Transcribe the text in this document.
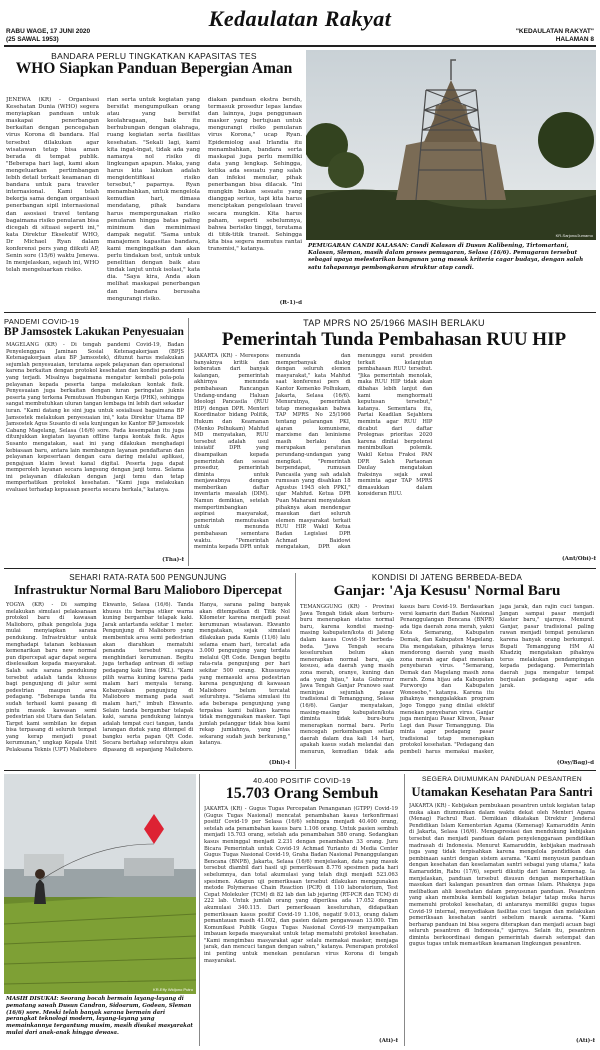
Kedaulatan Rakyat
RABU WAGE, 17 JUNI 2020
(25 SAWAL 1953)
"KEDAULATAN RAKYAT"
HALAMAN 8
BANDARA PERLU TINGKATKAN KAPASITAS TES
WHO Siapkan Panduan Bepergian Aman
JENEWA (KR) - Organisasi Kesehatan Dunia (WHO) segera menyiapkan panduan untuk maskapai penerbangan berkaitan dengan pencegahan virus Korona di bandara. Hal tersebut dilakukan agar wisatawan tetap bisa aman berada di tempat publik. "Beberapa hari lagi, kami akan mengeluarkan pertimbangan lebih detail terkait keamanan di bandara untuk para traveler internasional. Kami telah bekerja sama dengan organisasi penerbangan sipil internasional dan asosiasi travel tentang bagaimana risiko penularan bisa dicegah di situasi seperti ini," kata Direktur Eksekutif WHO, Dr Michael Ryan dalam konferensi pers yang diikuti AP, Senin sore (15/6) waktu Jenewa. In menjelaskan, sejauh ini, WHO telah mengeluarkan risiko.
rian serta untuk kegiatan yang bersifat mengumpulkan orang atau yang bersifat keolahragaan, baik itu berhubungan dengan olahraga, ruang kegiatan serta fasilitas kesehatan. "Sekali lagi, kami kita ingat-ingat, tidak ada yang namanya nol risiko di lingkungan apapun. Maka, yang harus kita lakukan adalah mengidentifikasi risiko tersebut," paparnya. Ryan menambahkan, untuk mengelola kemudian hari, dimasa mendatang, pihak bandara harus mempergunakan risiko penularan hingga batas paling minimum dan meminimasi dampak negatif. "Sama untuk manajemen kapasitas bandara, kami mengingatkan dan akan perlu tindakan test, untuk untuk penelitian dengan baik atau tindak lanjut untuk isolasi," kata dia. "Saya kira, Anda akan melihat maskapai penerbangan dan bandara berusaha mengurangi risiko.
diakan panduan ekstra bersih, termasuk prosedur lepas landas dan lainnya, juga penggunaan masker yang bertujuan untuk mengurangi risiko penularan virus Korona," ucap Ryan. Epidemiolog asal Irlandia itu menambahkan, bandara serta maskapai juga perlu memiliki data yang lengkap. Sehingga, ketika ada sesuatu yang salah dan infeksi menular, pihak penerbangan bisa dilacak. "Ini mungkin bukan sesuatu yang dianggap serius, tapi kita harus menciptakan pengelolaan travel secara mungkin. Kita harus paham, seperti sebelumnya, bahwa berisiko tinggi, terutama di titik-titik transit. Sehingga kita bisa segera memutus rantai transmisi," katanya.
(R-1)-d
KR-Sarjono/Jumarno
PEMUGARAN CANDI KALASAN: Candi Kalasan di Dusun Kalibening, Tirtomartani, Kalasan, Sleman, masih dalam proses pemugaran, Selasa (16/6). Pemugaran tersebut sebagai upaya melestarikan bangunan yang masuk kriteria cagar budaya, dengan salah satu tahapannya pembongkaran struktur atap candi.
PANDEMI COVID-19
BP Jamsostek Lakukan Penyesuaian
MAGELANG (KR) - Di tengah pandemi Covid-19, Badan Penyelenggara Jaminan Sosial Ketenagakerjaan (BPJS Ketenagakerjaan atau BP Jamsostek), ditunut harus melakukan sejumlah penyesuaian, terutama aspek pelayanan dan operasional karena berkaitan dengan protokol kesehatan dan kondisi pandemi yang terjadi. Misalnya bagaimana mengatur kembali pola-pola pelayanan kepada peserta tanpa melakukan kontak fisik. Penyesuaian juga berkaitan dengan iuran peringatan juknis peserta yang terkena Pemutusan Hubungan Kerja (PHK), sehingga sangat membutuhkan uluran tangan lembaga ini lebih dari sekadar iuran. "Kami datang ke sini juga untuk sosialisasi bagaimana BP Jamsostek melakukan penyesuaian ini," kata Direktur Utama BP Jamsostek Agus Susanto di sela kunjungan ke Kantor BP Jamsostek Cabang Magelang, Selasa (16/6) sore. Pada kesempatan itu juga ditunjukkan kegiatan layanan offline tanpa kontak fisik. Agus Susanto mengatakan, saat ini yang dilakukan menghadapi kebiasaan baru, antara lain membangun layanan pendaftaran dan pelayanan kepesertaan dengan cara daring melalui aplikasi, pengajuan klaim lewat kanal digital. Peserta juga dapat memperoleh layanan secara langsung dengan janji temu. Selama ini pelayanan dilakukan dengan janji temu dan tetap memperhatikan protokol kesehatan. "Kami juga melakukan evaluasi terhadap kepuasan peserta secara berkala," katanya.
(Tha)-f
TAP MPRS NO 25/1966 MASIH BERLAKU
Pemerintah Tunda Pembahasan RUU HIP
JAKARTA (KR) - Merespons banyaknya kritik dan keberatan dari banyak kalangan, pemerintah akhirnya menunda pembahasan Rancangan Undang-undang Haluan Ideologi Pancasila (RUU HIP) dengan DPR. Menteri Koordinator bidang Politik, Hukum dan Keamanan (Menko Polhukam) Mahfud MD menyatakan, RUU tersebut adalah usul inisiatif DPR yang disampaikan kepada pemerintah dan sesuai prosedur, pemerintah diminta untuk menjawabnya dengan memberikan daftar inventaris masalah (DIM). Namun demikian, setelah mempertimbangkan aspirasi masyarakat, pemerintah memutuskan untuk menunda pembahasan sementara waktu. "Pemerintah meminta kepada DPR untuk menunda dan memperbanyak dialog dengan seluruh elemen masyarakat," kata Mahfud saat konferensi pers di Kantor Kemenko Polhukam, Jakarta, Selasa (16/6). Menurutnya, pemerintah tetap menegaskan bahwa TAP MPRS No 25/1966 tentang pelarangan PKI, ajaran komunisme, marxisme dan leninisme masih berlaku dan merupakan peraturan perundang-undangan yang mengikat. "Pemerintah berpendapat, rumusan Pancasila yang sah adalah rumusan yang disahkan 18 Agustus 1945 oleh PPKI," ujar Mahfud. Ketua DPR Puan Maharani menyatakan pihaknya akan mendengar masukan dari seluruh elemen masyarakat terkait RUU HIP. Wakil Ketua Badan Legislasi DPR Achmad Baidowi mengatakan, DPR akan menunggu surat presiden terkait kelanjutan pembahasan RUU tersebut. "Jika pemerintah menolak, maka RUU HIP tidak akan dibahas lebih lanjut dan kami menghormati keputusan tersebut," katanya. Sementara itu, Partai Keadilan Sejahtera meminta agar RUU HIP dicabut dari daftar Prolegnas prioritas 2020 karena dinilai berpotensi menimbulkan polemik. Wakil Ketua Fraksi PAN DPR Saleh Partaonan Daulay mengatakan fraksinya sejak awal meminta agar TAP MPRS dimasukkan dalam konsideran RUU.
(Ant/Obi)-f
SEHARI RATA-RATA 500 PENGUNJUNG
Infrastruktur Normal Baru Malioboro Dipercepat
YOGYA (KR) - Di samping melakukan simulasi pelaksanaan protokol baru di kawasan Malioboro, pihak pengelola juga mulai menyiapkan sarana pendukung. Infrastruktur untuk menghadapi tatanan kebiasaan kemenarikan baru new normal pun dipercepat agar dapat segera diselesaikan kepada masyarakat. Salah satu sarana pendukung tersebut adalah tanda khusus bagi pengunjung di jalur semi pedestrian maupun area pedagang. "Beberapa tanda itu sudah terhasil kami pasang di pintu masuk kawasan semi pedestrian sisi Utara dan Selatan. Target kami sembilan ke depan bisa terpasang di seluruh tempat yang kerap menjadi pusat kerumunan," ungkap Kepala Unit Pelaksana Teknis (UPT) Malioboro Ekwanto, Selasa (16/6). Tanda khusus itu berupa stiker warna kuning bergambar telapak kaki. Jarak antartanda sekitar 1 meter. Pengunjung di Malioboro yang membentuk area semi pedestrian akan diarahkan mematuhi penanda tersebut supaya menghindari kerumunan. Begitu juga terhadap antrean di setiap pedagang kaki lima (PKL). "Kami pilih warna kuning karena pada malam hari menyala terang. Kebanyakan pengunjung di Malioboro memang pada saat malam hari," imbuh Ekwanto. Selain tanda bergambar telapak kaki, sarana pendukung lainnya adalah tempat cuci tangan, tanda larangan duduk yang ditempel di bangku serta papan QR Code. Secara bertahap seluruhnya akan dipasang di sepanjang Malioboro. Hanya, sarana paling banyak akan ditempatkan di Titik Nol Kilometer karena menjadi pusat kerumunan wisatawan. Ekwanto mengatakan, sejak simulasi dilakukan pada Kamis (11/6) lalu selama enam hari, tercatat ada 3.000 pengunjung yang terdata melalui QR Code. Dengan begitu rata-rata pengunjung per hari sekitar 500 orang. Khususnya yang memasuki area pedestrian karena pengunjung di kawasan Malioboro belum tercatat seluruhnya. "Selama simulasi itu ada beberapa pengunjung yang terpaksa kami balikan karena tidak menggunakan masker. Tapi jumlah pelanggar tidak bisa kami rekap jumlahnya, yang jelas sekarang sudah jauh berkurang," katanya.
(Dhl)-f
KONDISI DI JATENG BERBEDA-BEDA
Ganjar: 'Aja Kesusu' Normal Baru
TEMANGGUNG (KR) - Provinsi Jawa Tengah tidak akan terburu-buru menerapkan status normal baru, karena kondisi masing-masing kabupaten/kota di Jateng dalam kasus Covid-19 berbeda-beda. "Jawa Tengah secara keseluruhan belum akan menerapkan normal baru, aja kesusu, ada daerah yang masih zona merah, oranye, kuning dan ada yang hijau," kata Gubernur Jawa Tengah Ganjar Pranowo saat meninjau sejumlah pasar tradisional di Temanggung, Selasa (16/6). Ganjar menyatakan, masing-masing kabupaten/kota diminta tidak buru-buru menerapkan normal baru. Perlu mencegah perkembangan setiap daerah dalam dua kali 14 hari, apakah kasus sudah melandai dan menurun, kemudian tidak ada kasus baru Covid-19. Berdasarkan versi kamarin dari Badan Nasional Penanggulangan Bencana (BNPB) ada tiga daerah zona merah, yakni Kota Semarang, Kabupaten Demak, dan Kabupaten Magelang. Dia mengatakan, pihaknya terus mendorong daerah yang masih zona merah agar dapat menekan penyebaran virus. "Semarang, Demak dan Magelang masih zona merah. Zona hijau ada Kabupaten Purworejo dan Kabupaten Wonosobo," katanya. Karena itu pihaknya menggalakkan program Jogo Tonggo yang dinilai efektif menekan penyebaran virus. Ganjar juga meninjau Pasar Kliwon, Pasar Legi dan Pasar Temanggung. Dia minta agar pedagang pasar tradisional tetap menerapkan protokol kesehatan. "Pedagang dan pembeli harus memakai masker, jaga jarak, dan rajin cuci tangan. Jangan sampai pasar menjadi klaster baru," ujarnya. Menurut Ganjar, pasar tradisional paling rawan menjadi tempat penularan karena banyak orang berkumpul. Bupati Temanggung HM Al Khadziq mengatakan pihaknya terus melakukan pendampingan kepada pedagang. Pemerintah daerah juga mengatur tempat berjualan pedagang agar ada jarak.
(Osy/Bag)-d
KR-Effy Widjono Putro
MASIH DISUKAI: Seorang bocah bermain layang-layang di pematang sawah Dusun Candran, Sidoarum, Godean, Sleman (16/6) sore. Meski telah banyak sarana bermain dari perangkat teknologi modern, layang-layang yang memainkannya tergantung musim, masih disukai masyarakat mulai dari anak-anak hingga dewasa.
40.400 POSITIF COVID-19
15.703 Orang Sembuh
JAKARTA (KR) - Gugus Tugas Percepatan Penanganan (GTPP) Covid-19 (Gugus Tugas Nasional) mencatat penambahan kasus terkonfirmasi positif Covid-19 per Selasa (16/6) sehingga menjadi 40.400 orang, setelah ada penambahan kasus baru 1.106 orang. Untuk pasien sembuh menjadi 15.703 orang, setelah ada penambahan 580 orang. Sedangkan kasus meninggal menjadi 2.231 dengan penambahan 33 orang. Juru Bicara Pemerintah untuk Covid-19 Achmad Yurianto di Media Center Gugus Tugas Nasional Covid-19, Graha Badan Nasional Penanggulangan Bencana (BNPB), Jakarta, Selasa (16/6) menjelaskan, data yang masuk tersebut diambil dari hasil uji pemeriksaan 8.776 spesimen pada hari sebelumnya, dan total akumulasi yang telah diuji menjadi 523.063 spesimen. Adapun uji pemeriksaan tersebut dilakukan menggunakan metode Polymerase Chain Reaction (PCR) di 110 laboratorium, Test Cepat Molekuler (TCM) di 82 lab dan lab jejaring (RT-PCR dan TCM) di 222 lab. Untuk jumlah orang yang diperiksa ada 17.052 dengan akumulasi 340.115. Dari pemeriksaan keseluruhan, didapatkan pemeriksaan kasus positif Covid-19 1.106, negatif 9.013, orang dalam pemantauan masih 41.002, dan pasien dalam pengawasan 13.000. Tim Komunikasi Publik Gugus Tugas Nasional Covid-19 menyampaikan imbauan kepada masyarakat untuk tetap mematuhi protokol kesehatan. "Kami mengimbau masyarakat agar selalu memakai masker, menjaga jarak, dan mencuci tangan dengan sabun," katanya. Penerapan protokol ini penting untuk menekan penularan virus Korona di tengah masyarakat.
(Ati)-f
SEGERA DIUMUMKAN PANDUAN PESANTREN
Utamakan Kesehatan Para Santri
JAKARTA (KR) - Kebijakan pembukaan pesantren untuk kegiatan tatap muka akan diumumkan dalam waktu dekat oleh Menteri Agama (Menag) Fachrul Razi. Demikian dikatakan Direktur Jenderal Pendidikan Islam Kementerian Agama (Kemenag) Kamaruddin Amin di Jakarta, Selasa (16/6). Mengapresiasi dan mendukung kebijakan tersebut dan menjadi panduan dalam penyelenggaraan pendidikan madrasah di Indonesia. Menurut Kamaruddin, kebijakan madrasah juga yang tidak terpisahkan karena mengelola pendidikan dan pembinaan santri dengan sistem asrama. "Kami menyusun panduan dengan kesehatan dan keselamatan santri sebagai yang utama," kata Kamaruddin, Rabu (17/6), seperti dikutip dari laman Kemenag. Ia menjelaskan, panduan tersebut disusun dengan memperhatikan masukan dari kalangan pesantren dan ormas Islam. Pihaknya juga melibatkan ahli kesehatan dalam penyusunan panduan. Pesantren yang akan membuka kembali kegiatan belajar tatap muka harus memenuhi protokol kesehatan, di antaranya memiliki gugus tugas Covid-19 internal, menyediakan fasilitas cuci tangan dan melakukan pemeriksaan kesehatan santri sebelum masuk asrama. "Kami berharap panduan ini bisa segera diterapkan dan menjadi acuan bagi seluruh pesantren di Indonesia," ujarnya. Selain itu, pesantren diminta berkoordinasi dengan pemerintah daerah setempat dan gugus tugas untuk memastikan keamanan lingkungan pesantren.
(Ati)-f
